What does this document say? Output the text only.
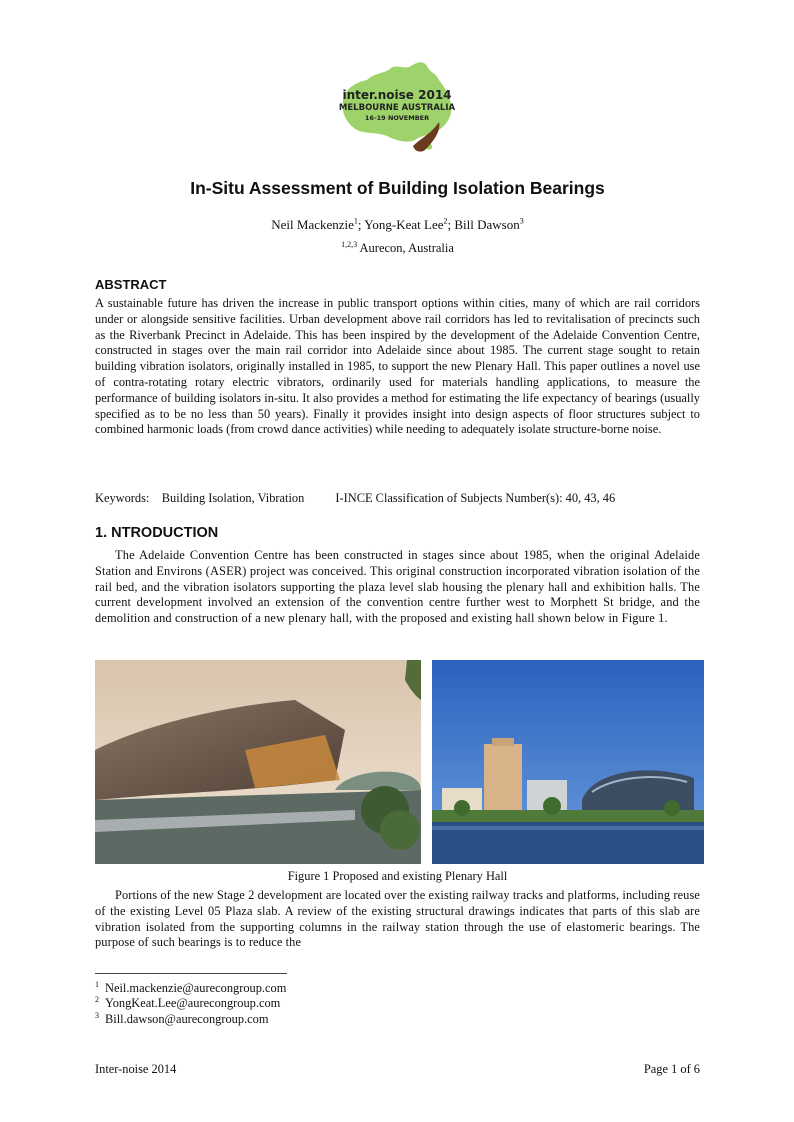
inter.noise 2014
MELBOURNE AUSTRALIA
16-19 NOVEMBER
In-Situ Assessment of Building Isolation Bearings
Neil Mackenzie$^1$; Yong-Keat Lee$^2$; Bill Dawson$^3$
$^{1,2,3}$ Aurecon, Australia
ABSTRACT

A sustainable future has driven the increase in public transport options within cities, many of which are rail corridors under or alongside sensitive facilities. Urban development above rail corridors has led to revitalisation of precincts such as the Riverbank Precinct in Adelaide. This has been inspired by the development of the Adelaide Convention Centre, constructed in stages over the main rail corridor into Adelaide since about 1985. The current stage sought to retain building vibration isolators, originally installed in 1985, to support the new Plenary Hall. This paper outlines a novel use of contra-rotating rotary electric vibrators, ordinarily used for materials handling applications, to measure the performance of building isolators in-situ. It also provides a method for estimating the life expectancy of bearings (usually specified as to be no less than 50 years). Finally it provides insight into design aspects of floor structures subject to combined harmonic loads (from crowd dance activities) while needing to adequately isolate structure-borne noise.

Keywords: Building Isolation, Vibration	I-INCE Classification of Subjects Number(s): 40, 43, 46
1. NTRODUCTION

The Adelaide Convention Centre has been constructed in stages since about 1985, when the original Adelaide Station and Environs (ASER) project was conceived. This original construction incorporated vibration isolation of the rail bed, and the vibration isolators supporting the plaza level slab housing the plenary hall and exhibition halls. The current development involved an extension of the convention centre further west to Morphett St bridge, and the demolition and construction of a new plenary hall, with the proposed and existing hall shown below in Figure 1.

Figure 1 Proposed and existing Plenary Hall

Portions of the new Stage 2 development are located over the existing railway tracks and platforms, including reuse of the existing Level 05 Plaza slab. A review of the existing structural drawings indicates that parts of this slab are vibration isolated from the supporting columns in the railway station through the use of elastomeric bearings. The purpose of such bearings is to reduce the

$^1$ Neil.mackenzie@aurecongroup.com
$^2$ YongKeat.Lee@aurecongroup.com
$^3$ Bill.dawson@aurecongroup.com
Inter-noise 2014	Page 1 of 6
